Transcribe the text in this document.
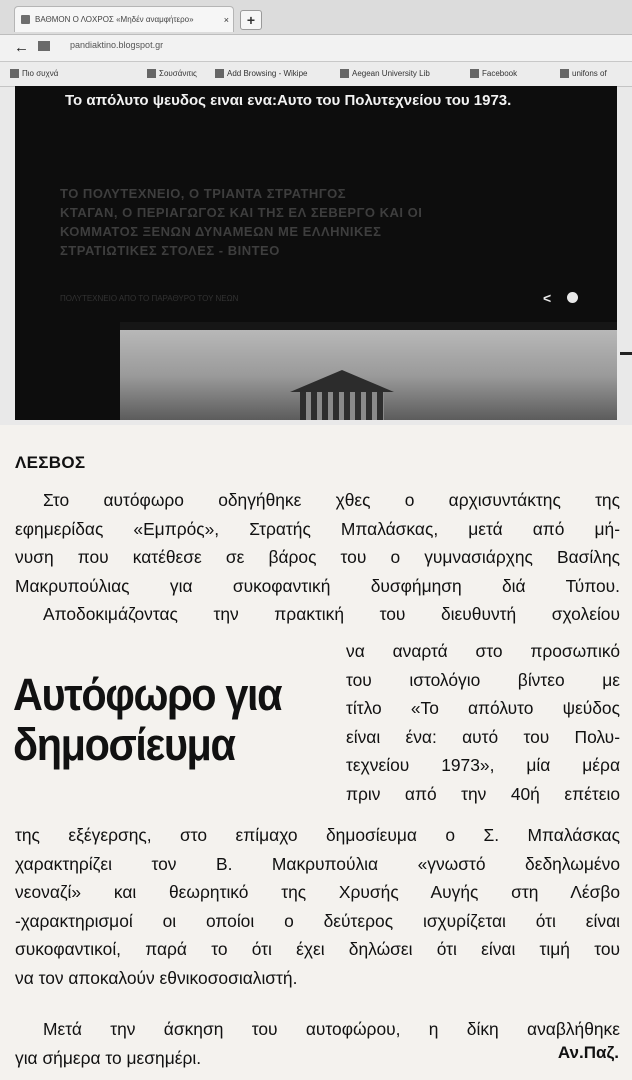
ΒΑΘΜΟΝ Ο ΛΟΧΡΟΣ «Μηδέν αναμφήτερο»	×	+
←	pandiaktino.blogspot.gr
Πιο συχνά	Σουσάνιτις	Add Browsing - Wikipe	Aegean University Lib	Facebook	unifons of
Το απόλυτο ψευδος ειναι ενα:Αυτο του Πολυτεχνείου του 1973.
ΤΟ ΠΟΛΥΤΕΧΝΕΙΟ, Ο ΤΡΙΑΝΤΑ ΣΤΡΑΤΗΓΟΣ
ΚΤΑΓΑΝ, Ο ΠΕΡΙΑΓΩΓΟΣ ΚΑΙ ΤΗΣ ΕΛ ΣΕΒΕΡΓΟ ΚΑΙ ΟΙ
ΚΟΜΜΑΤΟΣ ΞΕΝΩΝ ΔΥΝΑΜΕΩΝ ΜΕ ΕΛΛΗΝΙΚΕΣ
ΣΤΡΑΤΙΩΤΙΚΕΣ ΣΤΟΛΕΣ - ΒΙΝΤΕΟ
ΠΟΛΥΤΕΧΝΕΙΟ ΑΠΟ ΤΟ ΠΑΡΑΘΥΡΟ ΤΟΥ ΝΕΩΝ	<
ΛΕΣΒΟΣ
Στο αυτόφωρο οδηγήθηκε χθες ο αρχισυντάκτης της
εφημερίδας «Εμπρός», Στρατής Μπαλάσκας, μετά από μή-
νυση που κατέθεσε σε βάρος του ο γυμνασιάρχης Βασίλης
Μακρυπούλιας για συκοφαντική δυσφήμηση διά Τύπου.
Αποδοκιμάζοντας την πρακτική του διευθυντή σχολείου
Αυτόφωρο για
δημοσίευμα
να αναρτά στο προσωπικό
του ιστολόγιο βίντεο με
τίτλο «Το απόλυτο ψεύδος
είναι ένα: αυτό του Πολυ-
τεχνείου 1973», μία μέρα
πριν από την 40ή επέτειο
της εξέγερσης, στο επίμαχο δημοσίευμα ο Σ. Μπαλάσκας
χαρακτηρίζει τον Β. Μακρυπούλια «γνωστό δεδηλωμένο
νεοναζί» και θεωρητικό της Χρυσής Αυγής στη Λέσβο
-χαρακτηρισμοί οι οποίοι ο δεύτερος ισχυρίζεται ότι είναι
συκοφαντικοί, παρά το ότι έχει δηλώσει ότι είναι τιμή του
να τον αποκαλούν εθνικοσοσιαλιστή.
Μετά την άσκηση του αυτοφώρου, η δίκη αναβλήθηκε
για σήμερα το μεσημέρι.	Αν.Παζ.
